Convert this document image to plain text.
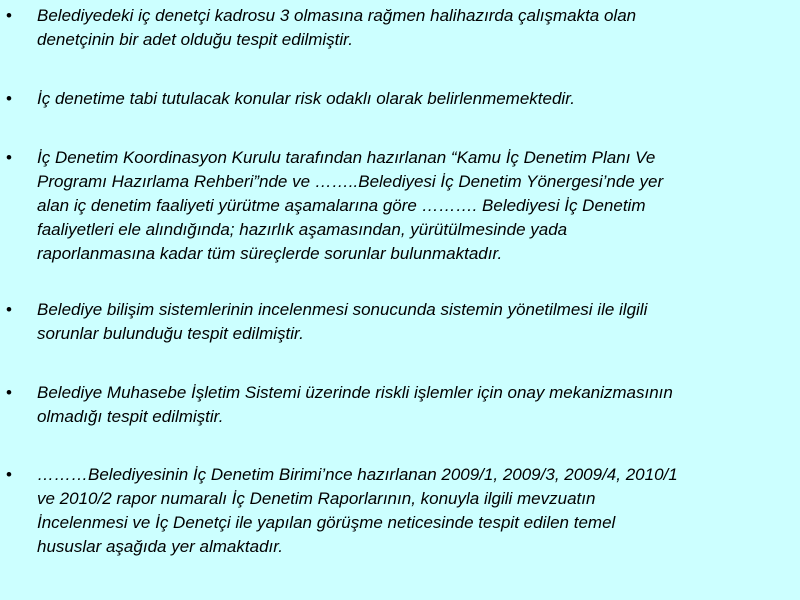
• Belediyedeki iç denetçi kadrosu 3 olmasına rağmen halihazırda çalışmakta olan
denetçinin bir adet olduğu tespit edilmiştir.
• İç denetime tabi tutulacak konular risk odaklı olarak belirlenmemektedir.
• İç Denetim Koordinasyon Kurulu tarafından hazırlanan “Kamu İç Denetim Planı Ve
Programı Hazırlama Rehberi”nde ve ……..Belediyesi İç Denetim Yönergesi’nde yer
alan iç denetim faaliyeti yürütme aşamalarına göre ………. Belediyesi İç Denetim
faaliyetleri ele alındığında; hazırlık aşamasından, yürütülmesinde yada
raporlanmasına kadar tüm süreçlerde sorunlar bulunmaktadır.
• Belediye bilişim sistemlerinin incelenmesi sonucunda sistemin yönetilmesi ile ilgili
sorunlar bulunduğu tespit edilmiştir.
• Belediye Muhasebe İşletim Sistemi üzerinde riskli işlemler için onay mekanizmasının
olmadığı tespit edilmiştir.
• ………Belediyesinin İç Denetim Birimi’nce hazırlanan 2009/1, 2009/3, 2009/4, 2010/1
ve 2010/2 rapor numaralı İç Denetim Raporlarının, konuyla ilgili mevzuatın
İncelenmesi ve İç Denetçi ile yapılan görüşme neticesinde tespit edilen temel
hususlar aşağıda yer almaktadır.
